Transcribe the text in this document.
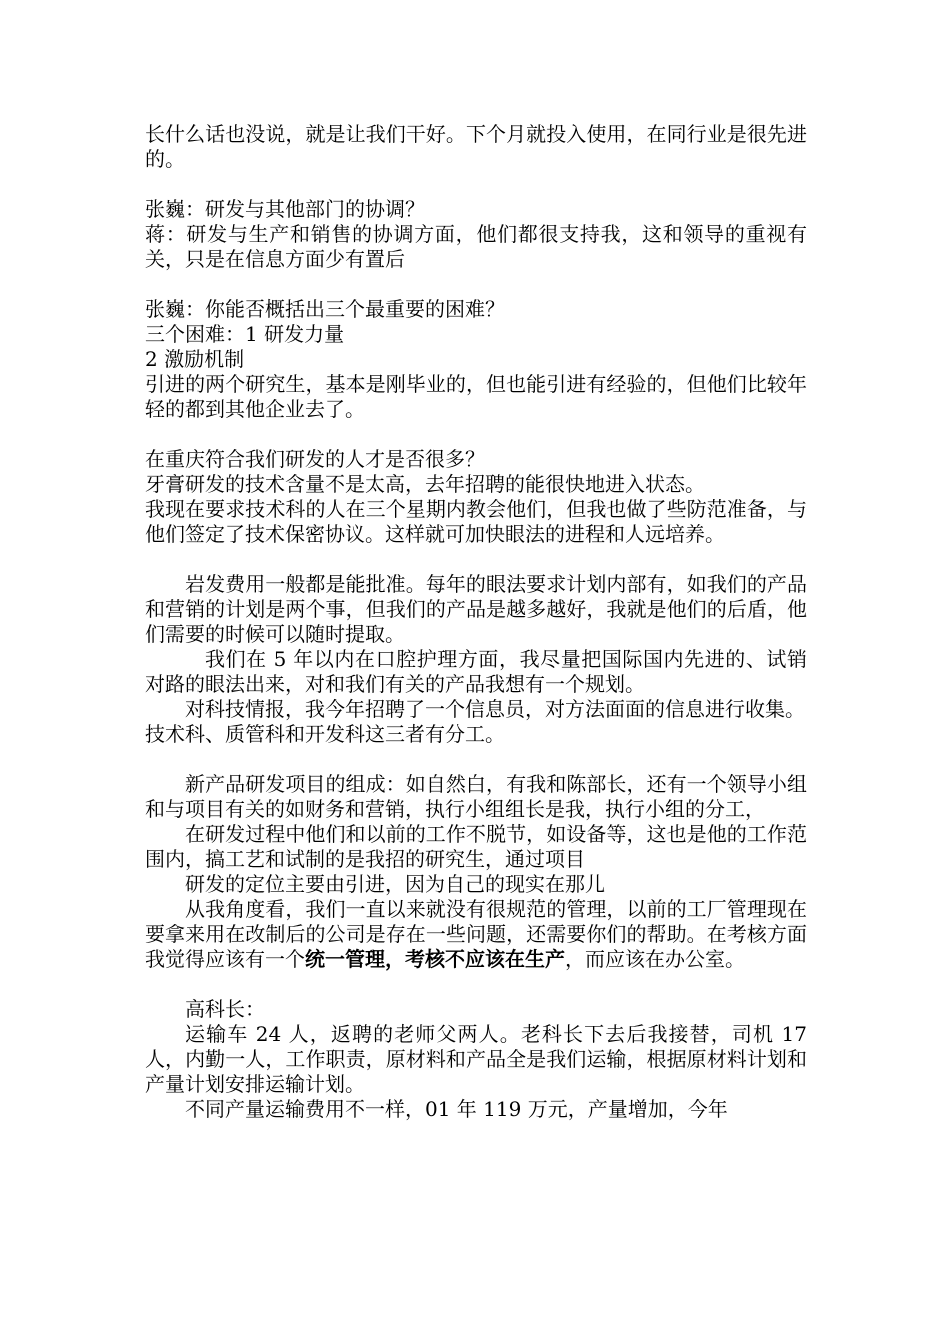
长什么话也没说，就是让我们干好。下个月就投入使用，在同行业是很先进的。

张巍：研发与其他部门的协调？

蒋：研发与生产和销售的协调方面，他们都很支持我，这和领导的重视有关，只是在信息方面少有置后

张巍：你能否概括出三个最重要的困难？

三个困难：1 研发力量

2 激励机制

引进的两个研究生，基本是刚毕业的，但也能引进有经验的，但他们比较年轻的都到其他企业去了。

在重庆符合我们研发的人才是否很多？

牙膏研发的技术含量不是太高，去年招聘的能很快地进入状态。

我现在要求技术科的人在三个星期内教会他们，但我也做了些防范准备，与他们签定了技术保密协议。这样就可加快眼法的进程和人远培养。

岩发费用一般都是能批准。每年的眼法要求计划内部有，如我们的产品和营销的计划是两个事，但我们的产品是越多越好，我就是他们的后盾，他们需要的时候可以随时提取。

我们在 5 年以内在口腔护理方面，我尽量把国际国内先进的、试销对路的眼法出来，对和我们有关的产品我想有一个规划。

对科技情报，我今年招聘了一个信息员，对方法面面的信息进行收集。

技术科、质管科和开发科这三者有分工。

新产品研发项目的组成：如自然白，有我和陈部长，还有一个领导小组和与项目有关的如财务和营销，执行小组组长是我，执行小组的分工，

在研发过程中他们和以前的工作不脱节，如设备等，这也是他的工作范围内，搞工艺和试制的是我招的研究生，通过项目

研发的定位主要由引进，因为自己的现实在那儿

从我角度看，我们一直以来就没有很规范的管理，以前的工厂管理现在要拿来用在改制后的公司是存在一些问题，还需要你们的帮助。在考核方面我觉得应该有一个统一管理，考核不应该在生产，而应该在办公室。

高科长：

运输车 24 人，返聘的老师父两人。老科长下去后我接替，司机 17 人，内勤一人，工作职责，原材料和产品全是我们运输，根据原材料计划和产量计划安排运输计划。

不同产量运输费用不一样，01 年 119 万元，产量增加，今年
